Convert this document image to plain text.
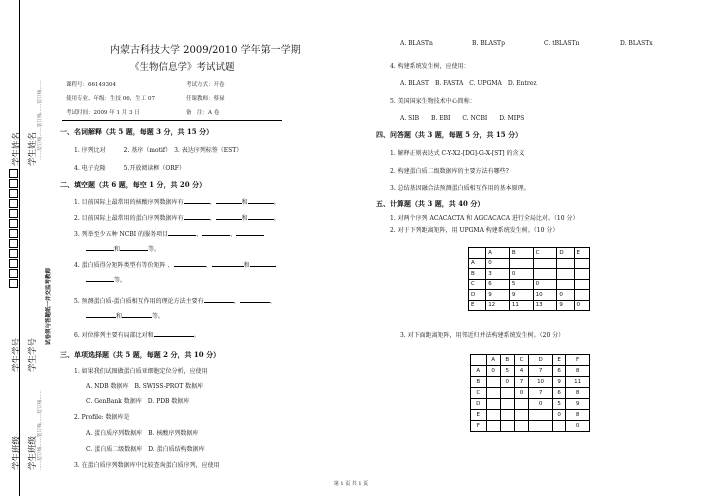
学生班级 学生班级
学生学号 学生学号
学生姓名
学生姓名
……装订线……装订线……装订线……
……装订线……装订线……装订线……
试卷须与答题纸一并交监考教师
内蒙古科技大学 2009/2010 学年第一学期
《生物信息学》考试试题
课程号：66149304	考试方式：开卷
使用专业、年级：生技 06，生工 07	任课教师：蔡禄
考试时间：2009 年 1 月 3 日	备　注：A 卷
一、名词解释（共 5 题，每题 3 分，共 15 分）
1. 序列比对　　　2. 基序（motif）　3. 表达序列标签（EST）
4. 电子克隆　　　5.开放阅读框（ORF）
二、填空题（共 6 题，每空 1 分，共 20 分）
1. 目前国际上最常用的核酸序列数据库有	、	和	。
2. 目前国际上最常用的蛋白序列数据库有	、	和	。
3. 列举至少五种 NCBI 的服务项目	、	、
和	等。
4. 蛋白质得分矩阵类型有等价矩阵 、	、	和
等。
5. 预测蛋白质-蛋白质相互作用的理论方法主要有	、	、
和	等。
6. 对位排列主要有局部比对和	。
三、单项选择题（共 5 题，每题 2 分，共 10 分）
1. 如果我们试图做蛋白质亚细胞定位分析，应使用
A. NDB 数据库　B. SWISS-PROT 数据库
C. GenBank 数据库　D. PDB 数据库
2. Profile: 数据库是
A. 蛋白质序列数据库　B. 核酸序列数据库
C. 蛋白质二级数据库　D. 蛋白质结构数据库
3. 在蛋白质序列数据库中比较查询蛋白质序列，应使用
A. BLASTn	B. BLASTp	C. tBLASTn	D. BLASTx
4. 构建系统发生树，应使用：
A. BLAST　B. FASTA　C. UPGMA　D. Entrez
5. 美国国家生物技术中心简称：
A. SIB　　B. EBI　　C. NCBI　　D. MIPS
四、问答题（共 3 题，每题 5 分，共 15 分）
1. 解释正则表达式 C-Y-X2-[DG]-G-X-[ST] 的含义
2. 构建蛋白质二级数据库的主要方法有哪些?
3. 总结基因融合法预测蛋白质相互作用的基本原理。
五、计算题（共 3 题，共 40 分）
1. 对两个序列 ACACACTA 和 AGCACACA 进行全局比对。（10 分）
2. 对于下列距离矩阵，用 UPGMA 构建系统发生树。（10 分）
	A	B	C	D	E
A	0				
B	3	0			
C	6	5	0		
D	9	9	10	0	
E	12	11	13	9	0
3. 对下面距离矩阵，用邻近归并法构建系统发生树。（20 分）
	A	B	C	D	E	F
A	0	5	4	7	6	8
B		0	7	10	9	11
C			0	7	6	8
D				0	5	9
E					0	8
F						0
第 1 页 共 1 页
